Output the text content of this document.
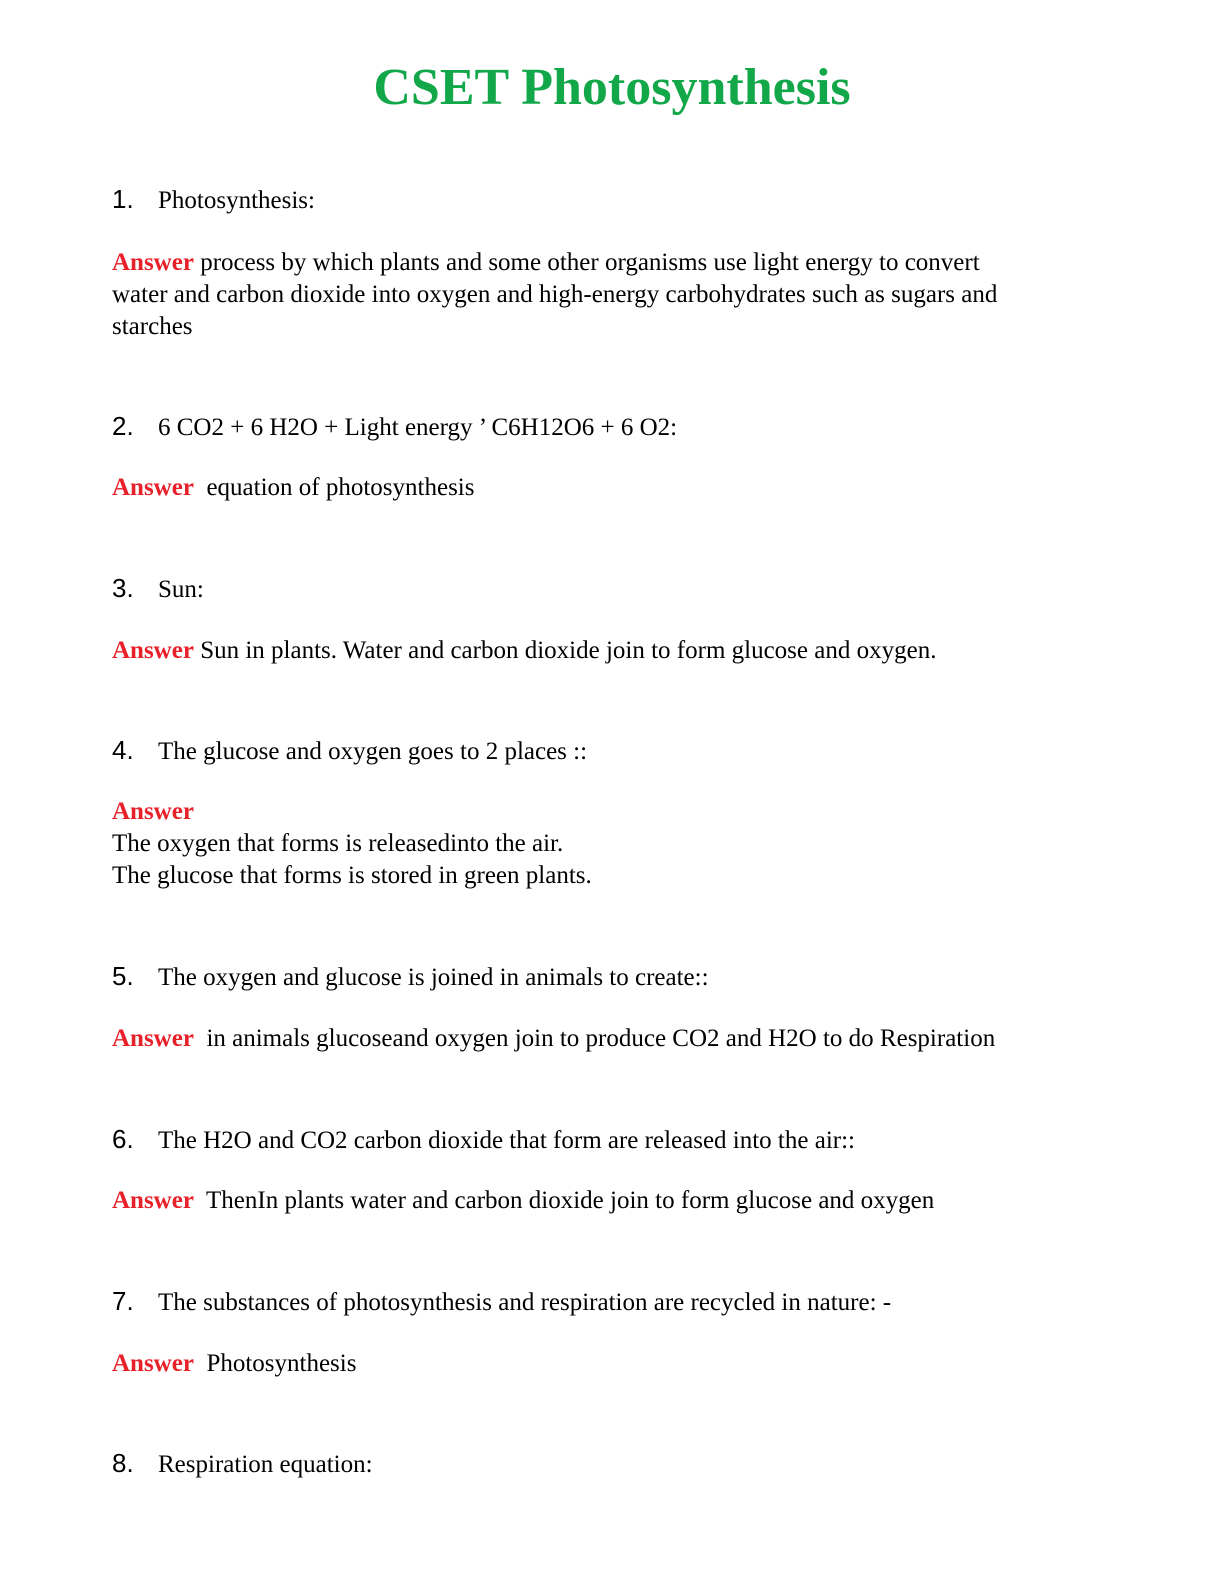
CSET Photosynthesis
1. Photosynthesis:
Answer process by which plants and some other organisms use light energy to convert
water and carbon dioxide into oxygen and high-energy carbohydrates such as sugars and
starches
2. 6 CO2 + 6 H2O + Light energy ’ C6H12O6 + 6 O2:
Answer equation of photosynthesis
3. Sun:
Answer Sun in plants. Water and carbon dioxide join to form glucose and oxygen.
4. The glucose and oxygen goes to 2 places ::
Answer
The oxygen that forms is releasedinto the air.
The glucose that forms is stored in green plants.
5. The oxygen and glucose is joined in animals to create::
Answer in animals glucoseand oxygen join to produce CO2 and H2O to do Respiration
6. The H2O and CO2 carbon dioxide that form are released into the air::
Answer ThenIn plants water and carbon dioxide join to form glucose and oxygen
7. The substances of photosynthesis and respiration are recycled in nature: -
Answer Photosynthesis
8. Respiration equation:
